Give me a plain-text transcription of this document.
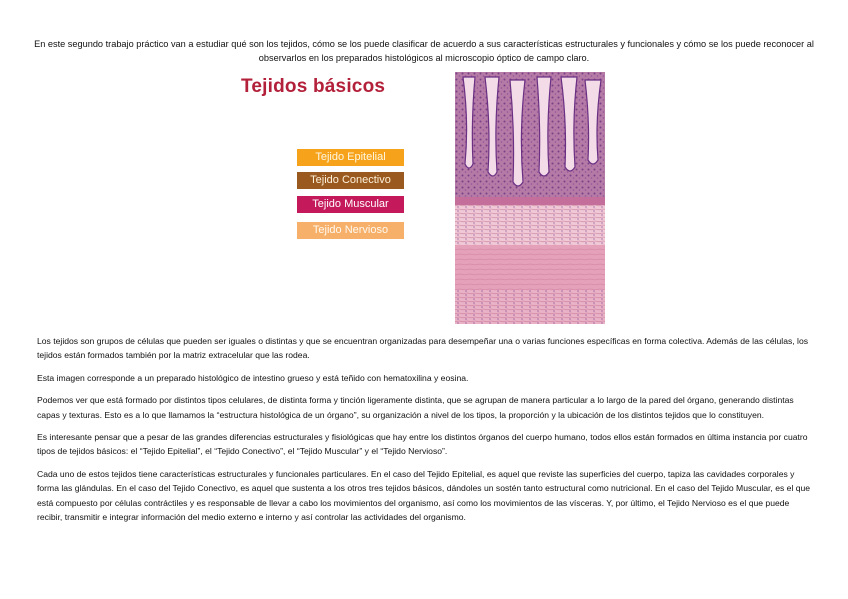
En este segundo trabajo práctico van a estudiar qué son los tejidos, cómo se los puede clasificar de acuerdo a sus características estructurales y funcionales y cómo se los puede reconocer al observarlos en los preparados histológicos al microscopio óptico de campo claro.
Tejidos básicos
Tejido Epitelial
Tejido Conectivo
Tejido Muscular
Tejido Nervioso

Los tejidos son grupos de células que pueden ser iguales o distintas y que se encuentran organizadas para desempeñar una o varias funciones específicas en forma colectiva. Además de las células, los tejidos están formados también por la matriz extracelular que las rodea.

Esta imagen corresponde a un preparado histológico de intestino grueso y está teñido con hematoxilina y eosina.

Podemos ver que está formado por distintos tipos celulares, de distinta forma y tinción ligeramente distinta, que se agrupan de manera particular a lo largo de la pared del órgano, generando distintas capas y texturas. Esto es a lo que llamamos la “estructura histológica de un órgano”, su organización a nivel de los tipos, la proporción y la ubicación de los distintos tejidos que lo constituyen.

Es interesante pensar que a pesar de las grandes diferencias estructurales y fisiológicas que hay entre los distintos órganos del cuerpo humano, todos ellos están formados en última instancia por cuatro tipos de tejidos básicos: el “Tejido Epitelial”, el “Tejido Conectivo”, el “Tejido Muscular” y el “Tejido Nervioso”.

Cada uno de estos tejidos tiene características estructurales y funcionales particulares. En el caso del Tejido Epitelial, es aquel que reviste las superficies del cuerpo, tapiza las cavidades corporales y forma las glándulas. En el caso del Tejido Conectivo, es aquel que sustenta a los otros tres tejidos básicos, dándoles un sostén tanto estructural como nutricional. En el caso del Tejido Muscular, es el que está compuesto por células contráctiles y es responsable de llevar a cabo los movimientos del organismo, así como los movimientos de las vísceras. Y, por último, el Tejido Nervioso es el que puede recibir, transmitir e integrar información del medio externo e interno y así controlar las actividades del organismo.
